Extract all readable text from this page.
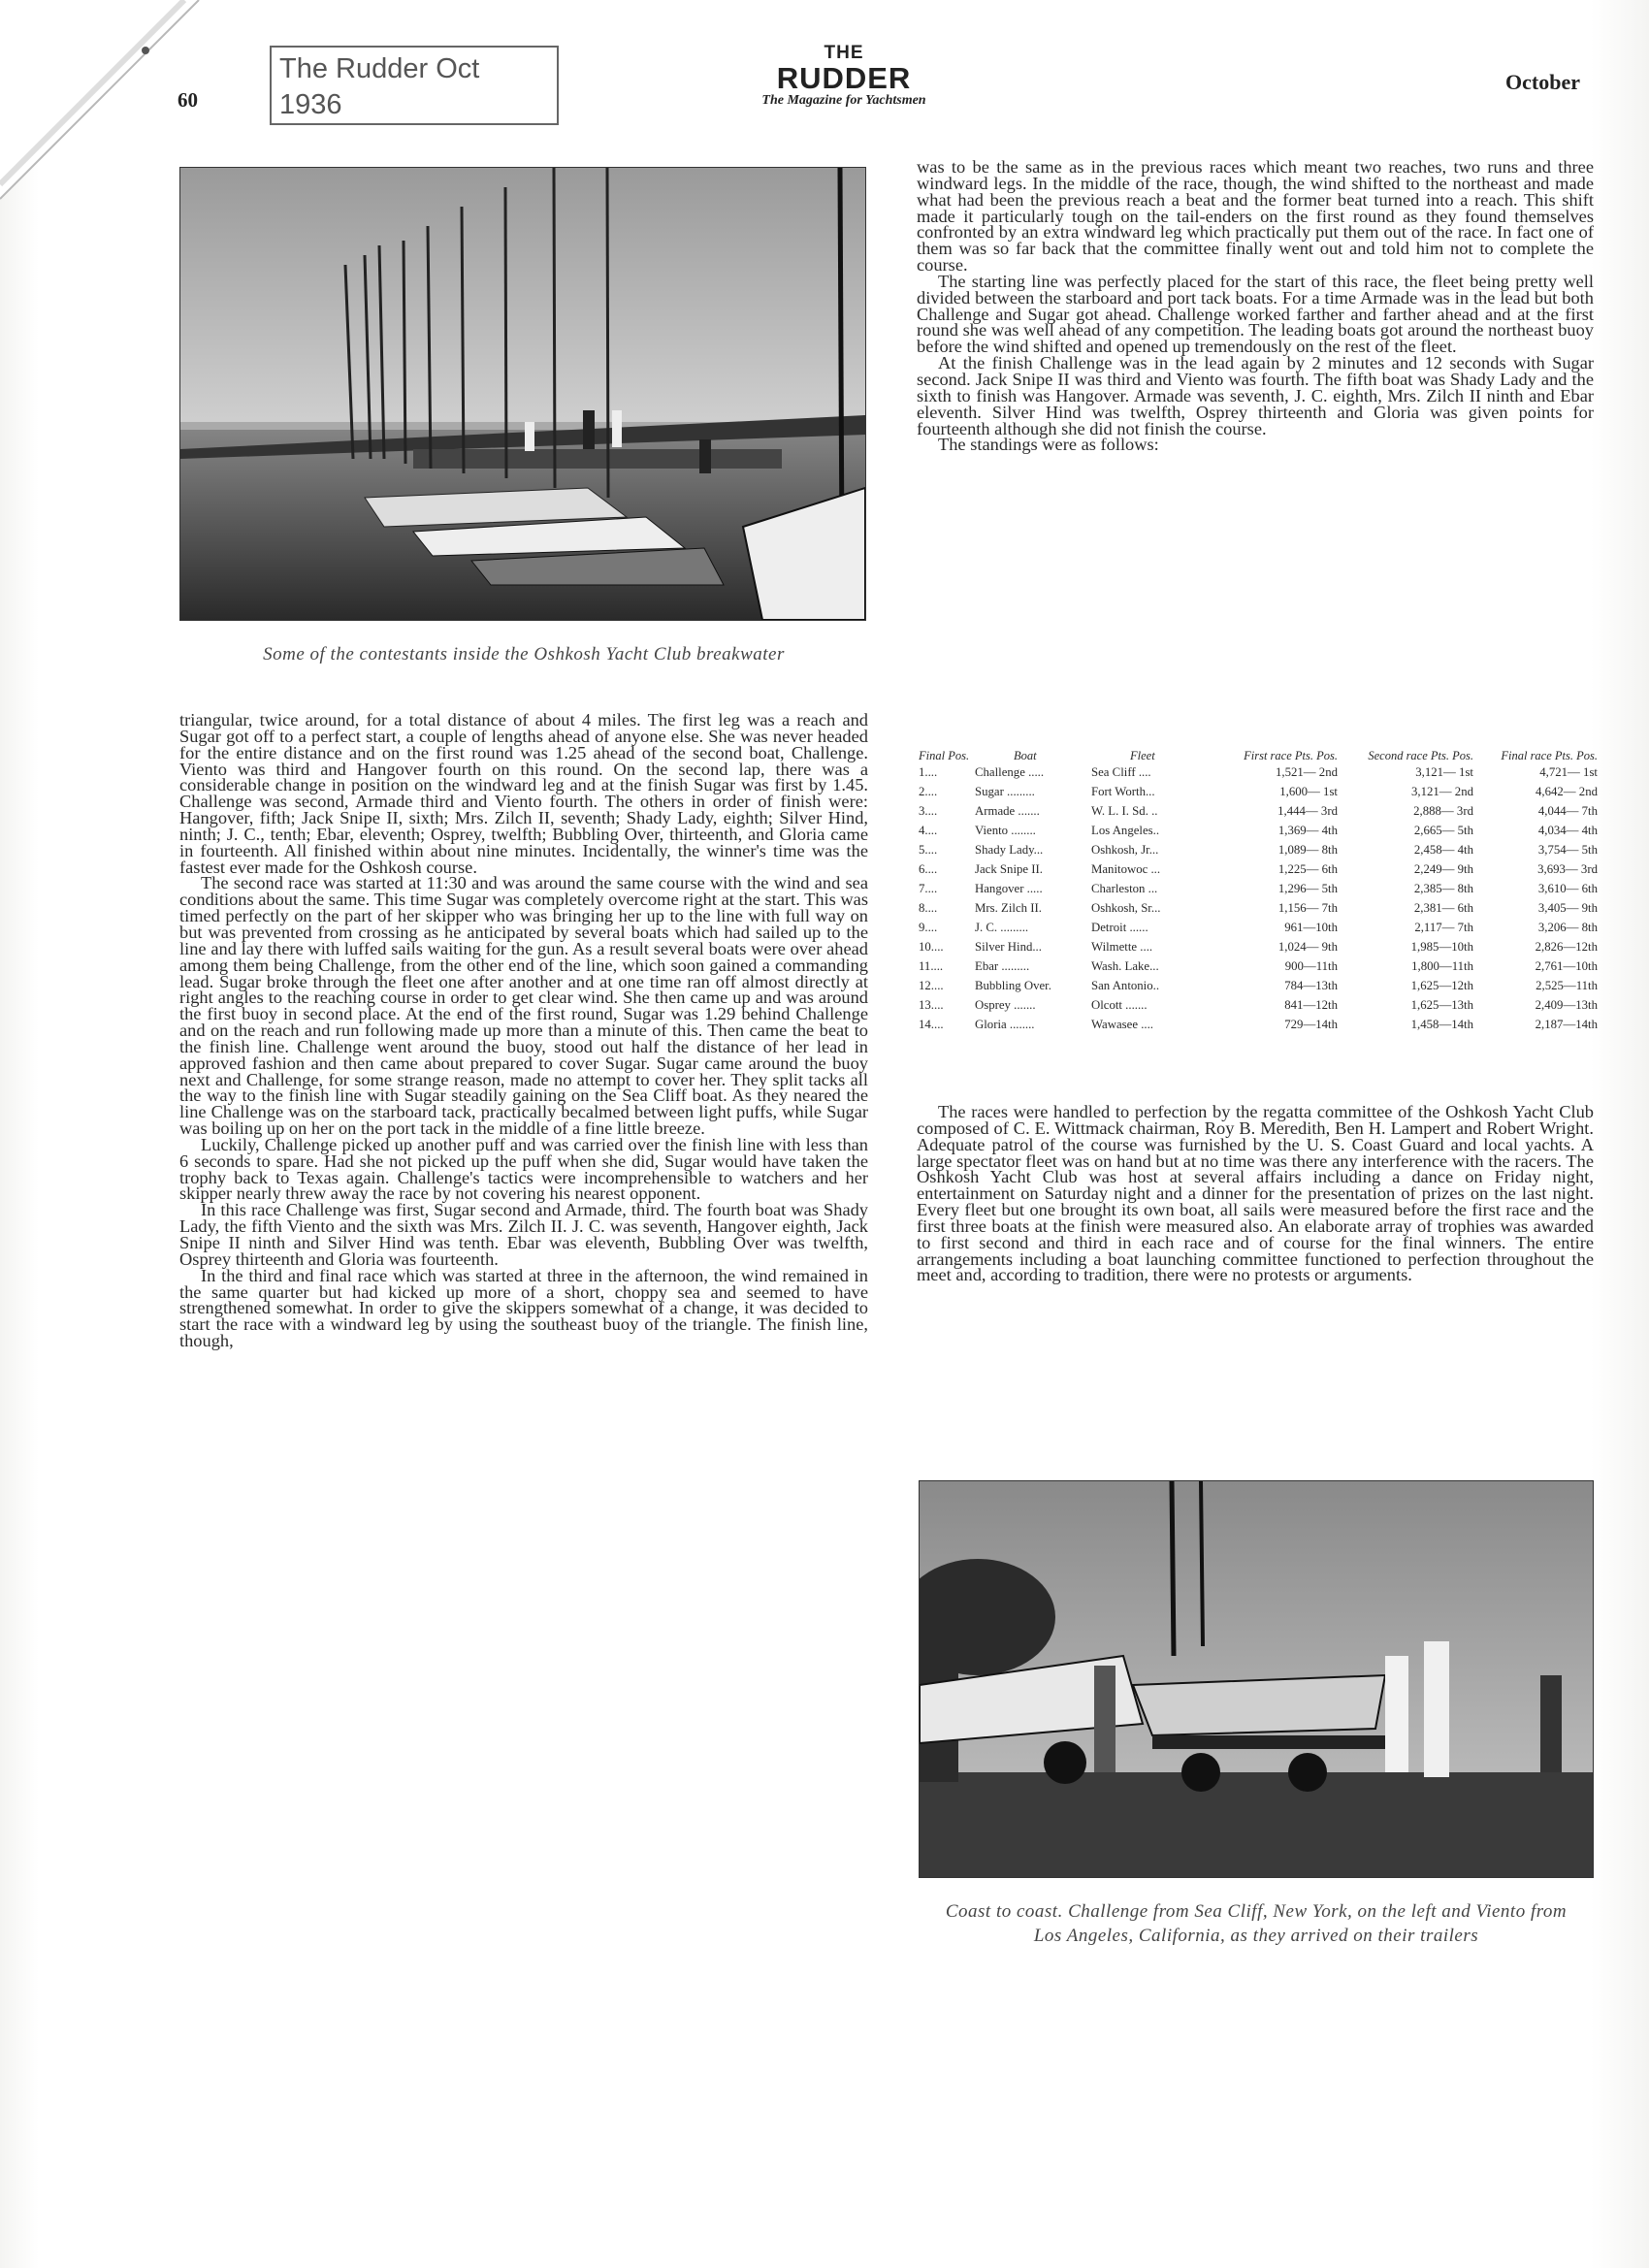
The Rudder Oct
1936
60
THE
RUDDER
The Magazine for Yachtsmen
October
Some of the contestants inside the Oshkosh Yacht Club breakwater

triangular, twice around, for a total distance of about 4 miles. The first leg was a reach and Sugar got off to a perfect start, a couple of lengths ahead of anyone else. She was never headed for the entire distance and on the first round was 1.25 ahead of the second boat, Challenge. Viento was third and Hangover fourth on this round. On the second lap, there was a considerable change in position on the windward leg and at the finish Sugar was first by 1.45. Challenge was second, Armade third and Viento fourth. The others in order of finish were: Hangover, fifth; Jack Snipe II, sixth; Mrs. Zilch II, seventh; Shady Lady, eighth; Silver Hind, ninth; J. C., tenth; Ebar, eleventh; Osprey, twelfth; Bubbling Over, thirteenth, and Gloria came in fourteenth. All finished within about nine minutes. Incidentally, the winner's time was the fastest ever made for the Oshkosh course.

The second race was started at 11:30 and was around the same course with the wind and sea conditions about the same. This time Sugar was completely overcome right at the start. This was timed perfectly on the part of her skipper who was bringing her up to the line with full way on but was prevented from crossing as he anticipated by several boats which had sailed up to the line and lay there with luffed sails waiting for the gun. As a result several boats were over ahead among them being Challenge, from the other end of the line, which soon gained a commanding lead. Sugar broke through the fleet one after another and at one time ran off almost directly at right angles to the reaching course in order to get clear wind. She then came up and was around the first buoy in second place. At the end of the first round, Sugar was 1.29 behind Challenge and on the reach and run following made up more than a minute of this. Then came the beat to the finish line. Challenge went around the buoy, stood out half the distance of her lead in approved fashion and then came about prepared to cover Sugar. Sugar came around the buoy next and Challenge, for some strange reason, made no attempt to cover her. They split tacks all the way to the finish line with Sugar steadily gaining on the Sea Cliff boat. As they neared the line Challenge was on the starboard tack, practically becalmed between light puffs, while Sugar was boiling up on her on the port tack in the middle of a fine little breeze.

Luckily, Challenge picked up another puff and was carried over the finish line with less than 6 seconds to spare. Had she not picked up the puff when she did, Sugar would have taken the trophy back to Texas again. Challenge's tactics were incomprehensible to watchers and her skipper nearly threw away the race by not covering his nearest opponent.

In this race Challenge was first, Sugar second and Armade, third. The fourth boat was Shady Lady, the fifth Viento and the sixth was Mrs. Zilch II. J. C. was seventh, Hangover eighth, Jack Snipe II ninth and Silver Hind was tenth. Ebar was eleventh, Bubbling Over was twelfth, Osprey thirteenth and Gloria was fourteenth.

In the third and final race which was started at three in the afternoon, the wind remained in the same quarter but had kicked up more of a short, choppy sea and seemed to have strengthened somewhat. In order to give the skippers somewhat of a change, it was decided to start the race with a windward leg by using the southeast buoy of the triangle. The finish line, though,

was to be the same as in the previous races which meant two reaches, two runs and three windward legs. In the middle of the race, though, the wind shifted to the northeast and made what had been the previous reach a beat and the former beat turned into a reach. This shift made it particularly tough on the tail-enders on the first round as they found themselves confronted by an extra windward leg which practically put them out of the race. In fact one of them was so far back that the committee finally went out and told him not to complete the course.

The starting line was perfectly placed for the start of this race, the fleet being pretty well divided between the starboard and port tack boats. For a time Armade was in the lead but both Challenge and Sugar got ahead. Challenge worked farther and farther ahead and at the first round she was well ahead of any competition. The leading boats got around the northeast buoy before the wind shifted and opened up tremendously on the rest of the fleet.

At the finish Challenge was in the lead again by 2 minutes and 12 seconds with Sugar second. Jack Snipe II was third and Viento was fourth. The fifth boat was Shady Lady and the sixth to finish was Hangover. Armade was seventh, J. C. eighth, Mrs. Zilch II ninth and Ebar eleventh. Silver Hind was twelfth, Osprey thirteenth and Gloria was given points for fourteenth although she did not finish the course.

The standings were as follows:

Final Pos.	Boat	Fleet	First race Pts. Pos.	Second race Pts. Pos.	Final race Pts. Pos.
1....	Challenge .....	Sea Cliff ....	1,521— 2nd	3,121— 1st	4,721— 1st
2....	Sugar .........	Fort Worth...	1,600— 1st	3,121— 2nd	4,642— 2nd
3....	Armade .......	W. L. I. Sd. ..	1,444— 3rd	2,888— 3rd	4,044— 7th
4....	Viento ........	Los Angeles..	1,369— 4th	2,665— 5th	4,034— 4th
5....	Shady Lady...	Oshkosh, Jr...	1,089— 8th	2,458— 4th	3,754— 5th
6....	Jack Snipe II.	Manitowoc ...	1,225— 6th	2,249— 9th	3,693— 3rd
7....	Hangover .....	Charleston ...	1,296— 5th	2,385— 8th	3,610— 6th
8....	Mrs. Zilch II.	Oshkosh, Sr...	1,156— 7th	2,381— 6th	3,405— 9th
9....	J. C. .........	Detroit ......	961—10th	2,117— 7th	3,206— 8th
10....	Silver Hind...	Wilmette ....	1,024— 9th	1,985—10th	2,826—12th
11....	Ebar .........	Wash. Lake...	900—11th	1,800—11th	2,761—10th
12....	Bubbling Over.	San Antonio..	784—13th	1,625—12th	2,525—11th
13....	Osprey .......	Olcott .......	841—12th	1,625—13th	2,409—13th
14....	Gloria ........	Wawasee ....	729—14th	1,458—14th	2,187—14th

The races were handled to perfection by the regatta committee of the Oshkosh Yacht Club composed of C. E. Wittmack chairman, Roy B. Meredith, Ben H. Lampert and Robert Wright. Adequate patrol of the course was furnished by the U. S. Coast Guard and local yachts. A large spectator fleet was on hand but at no time was there any interference with the racers. The Oshkosh Yacht Club was host at several affairs including a dance on Friday night, entertainment on Saturday night and a dinner for the presentation of prizes on the last night. Every fleet but one brought its own boat, all sails were measured before the first race and the first three boats at the finish were measured also. An elaborate array of trophies was awarded to first second and third in each race and of course for the final winners. The entire arrangements including a boat launching committee functioned to perfection throughout the meet and, according to tradition, there were no protests or arguments.

Coast to coast. Challenge from Sea Cliff, New York, on the left and Viento from Los Angeles, California, as they arrived on their trailers
